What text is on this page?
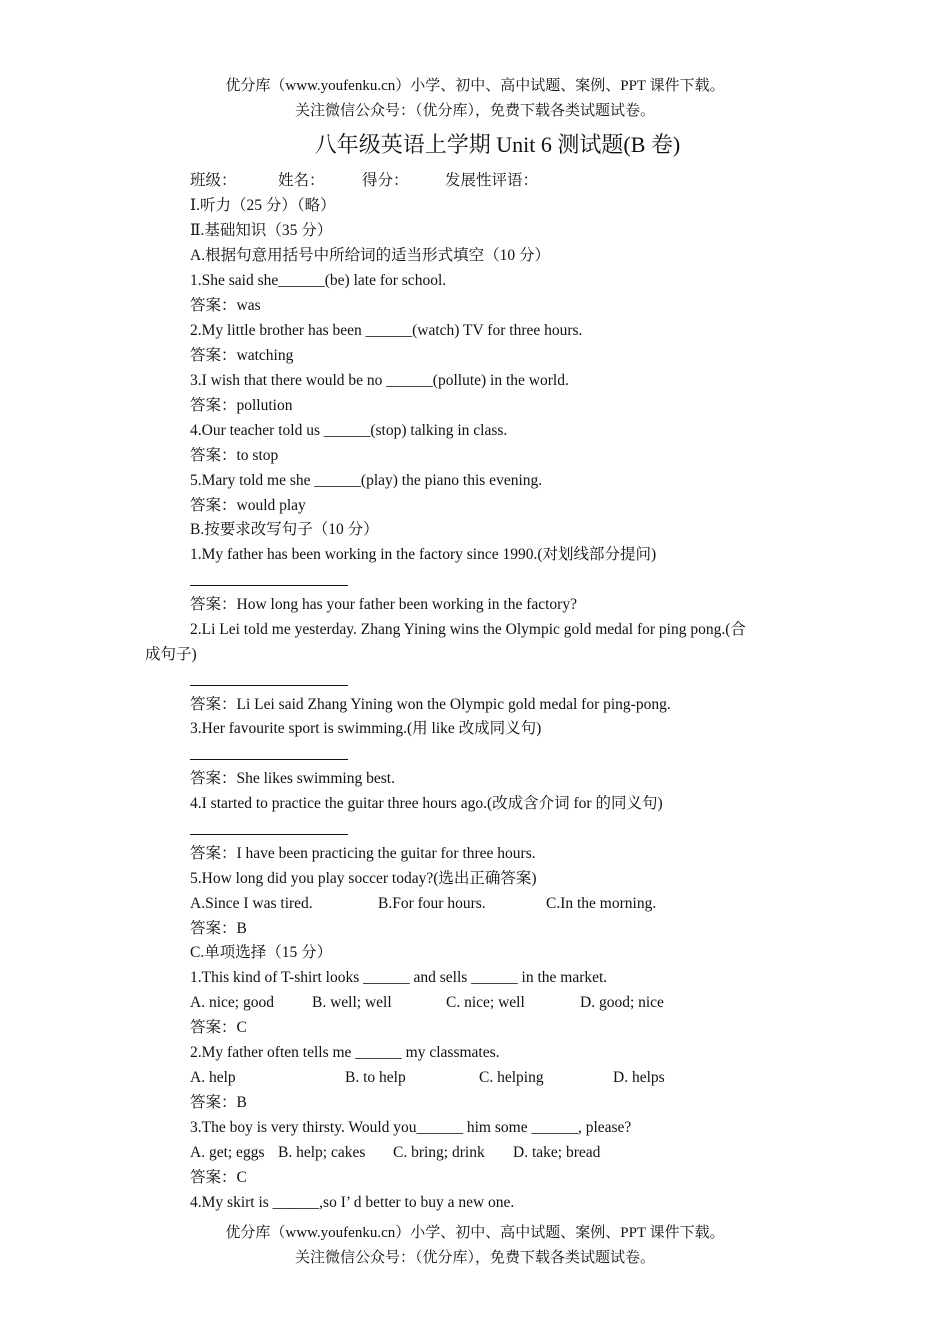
优分库（www.youfenku.cn）小学、初中、高中试题、案例、PPT 课件下载。
关注微信公众号：（优分库），免费下载各类试题试卷。
八年级英语上学期 Unit 6 测试题(B 卷)
班级：	姓名： 得分： 发展性评语：
Ⅰ.听力（25 分）（略）
Ⅱ.基础知识（35 分）
A.根据句意用括号中所给词的适当形式填空（10 分）
1.She said she______(be) late for school.
答案：was
2.My little brother has been ______(watch) TV for three hours.
答案：watching
3.I wish that there would be no ______(pollute) in the world.
答案：pollution
4.Our teacher told us ______(stop) talking in class.
答案：to stop
5.Mary told me she ______(play) the piano this evening.
答案：would play
B.按要求改写句子（10 分）
1.My father has been working in the factory since 1990.(对划线部分提问)
答案：How long has your father been working in the factory?
2.Li Lei told me yesterday. Zhang Yining wins the Olympic gold medal for ping pong.(合
成句子)
答案：Li Lei said Zhang Yining won the Olympic gold medal for ping-pong.
3.Her favourite sport is swimming.(用 like 改成同义句)
答案：She likes swimming best.
4.I started to practice the guitar three hours ago.(改成含介词 for 的同义句)
答案：I have been practicing the guitar for three hours.
5.How long did you play soccer today?(选出正确答案)
A.Since I was tired.	B.For four hours.	C.In the morning.
答案：B
C.单项选择（15 分）
1.This kind of T-shirt looks ______ and sells ______ in the market.
A. nice; good B. well; well	C. nice; well	D. good; nice
答案：C
2.My father often tells me ______ my classmates.
A. help	B. to help	C. helping	D. helps
答案：B
3.The boy is very thirsty. Would you______ him some ______, please?
A. get; eggs B. help; cakes C. bring; drink D. take; bread
答案：C
4.My skirt is ______,so I’ d better to buy a new one.
优分库（www.youfenku.cn）小学、初中、高中试题、案例、PPT 课件下载。
关注微信公众号：（优分库），免费下载各类试题试卷。
